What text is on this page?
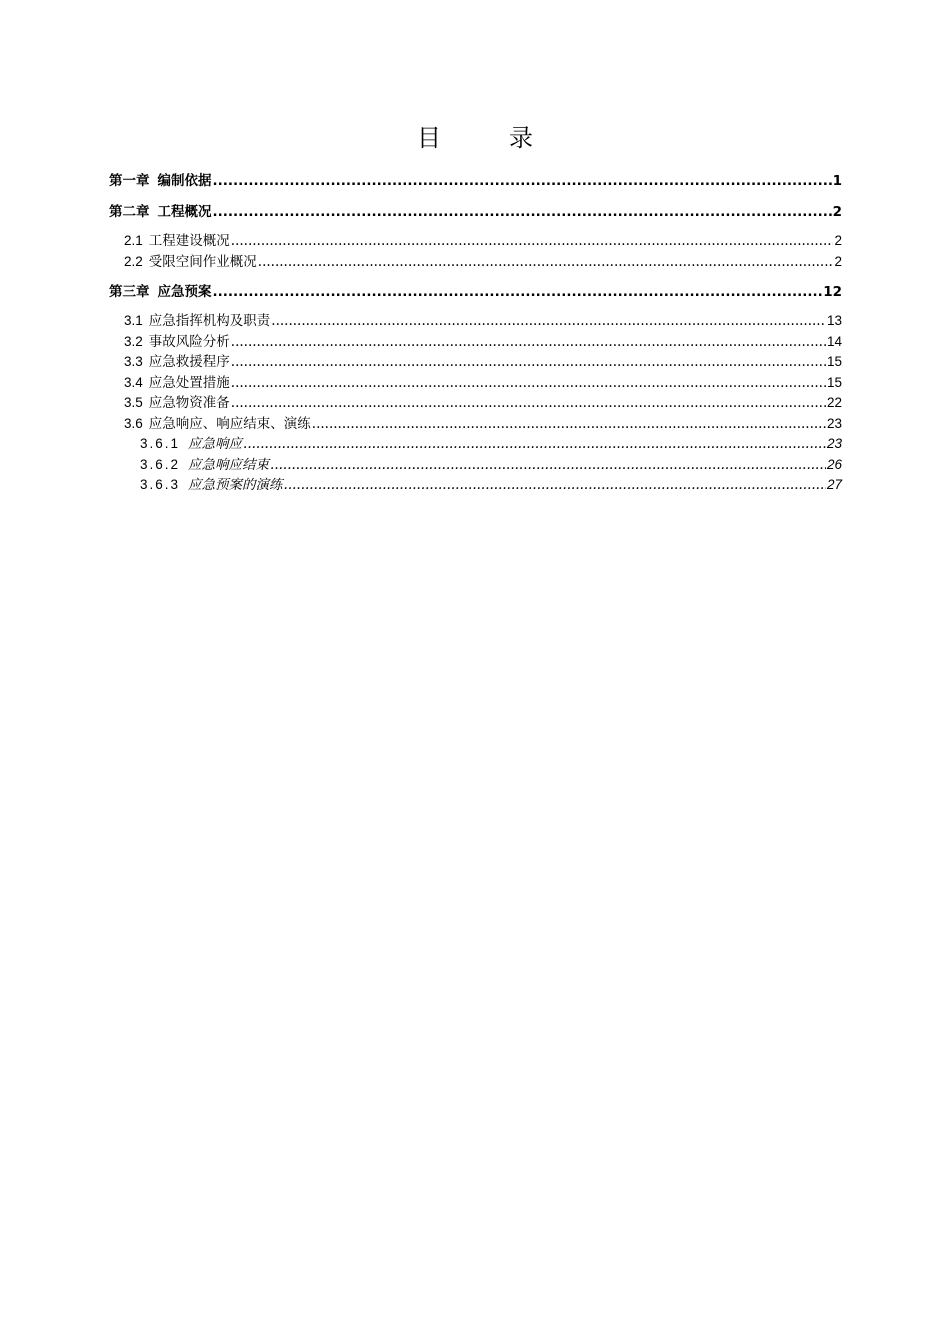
目　录
第一章 编制依据 .....	1
第二章 工程概况 .....	2
2.1 工程建设概况 .....	2
2.2 受限空间作业概况 .....	2
第三章 应急预案 .....	12
3.1 应急指挥机构及职责 .....	13
3.2 事故风险分析 .....	14
3.3 应急救援程序 .....	15
3.4 应急处置措施 .....	15
3.5 应急物资准备 .....	22
3.6 应急响应、响应结束、演练 .....	23
3.6.1 应急响应 .....	23
3.6.2 应急响应结束 .....	26
3.6.3 应急预案的演练 .....	27
